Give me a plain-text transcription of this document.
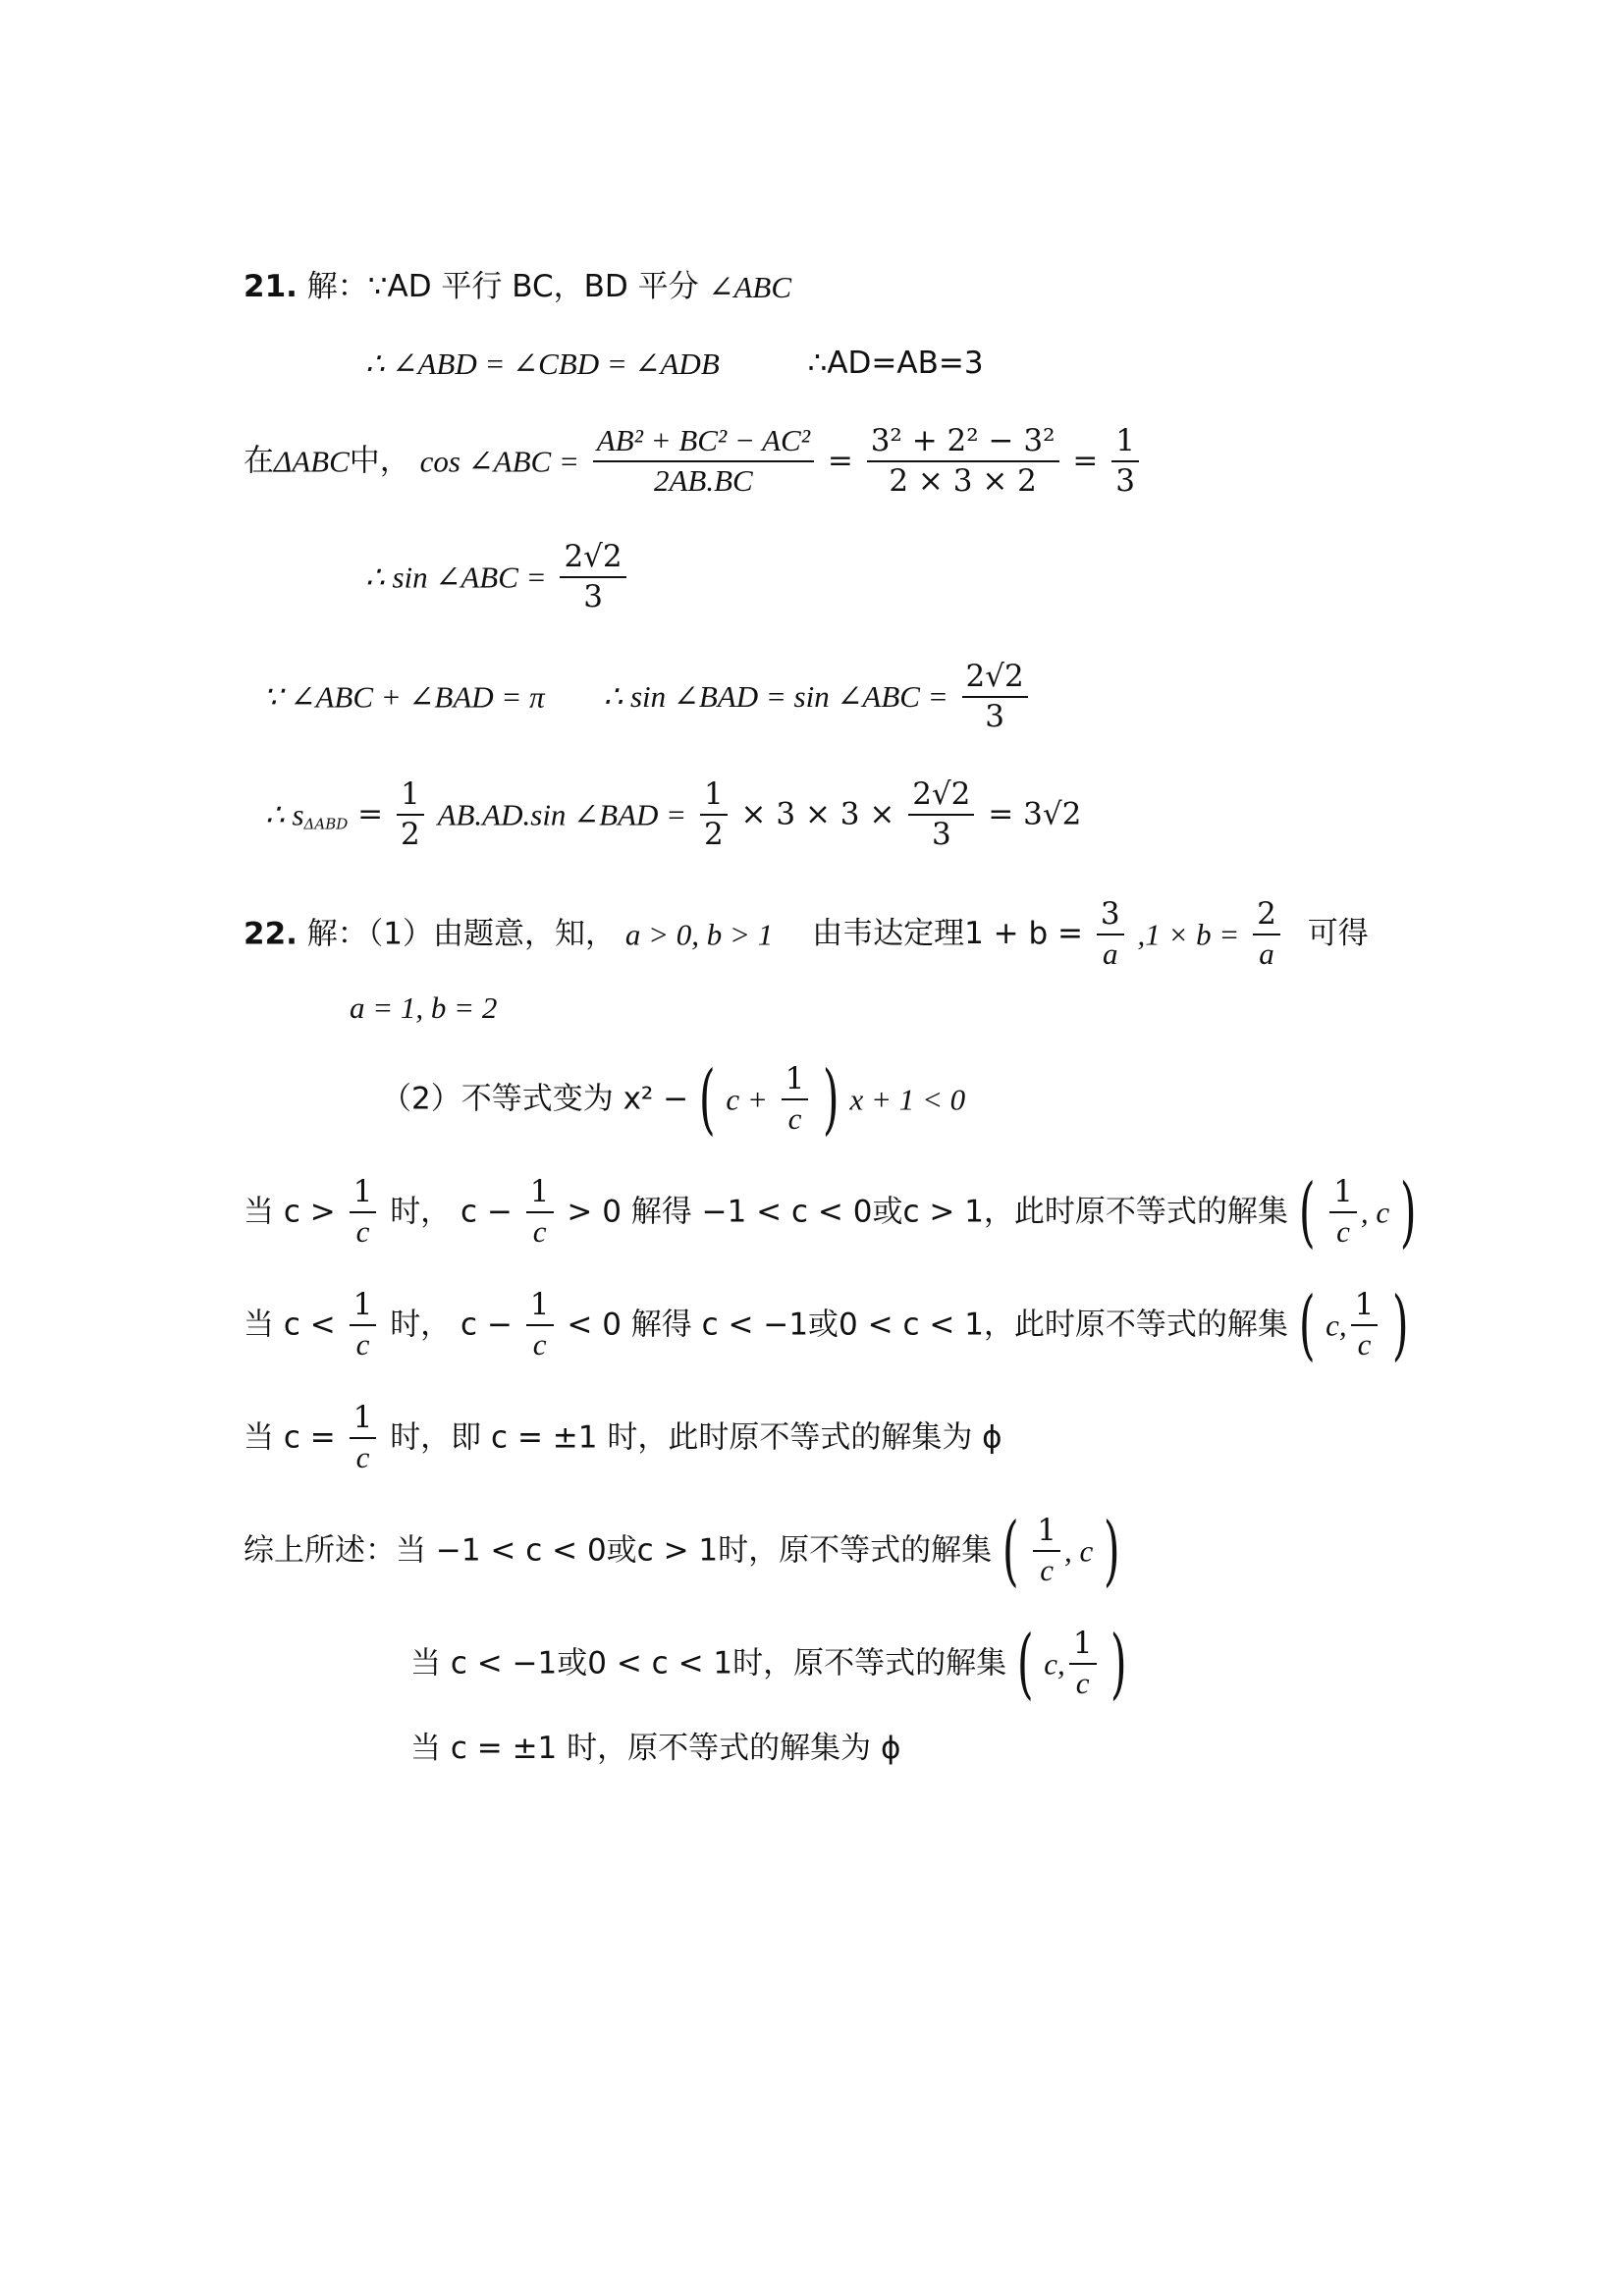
21. 解：∵AD 平行 BC，BD 平分 ∠ABC
∴ ∠ABD = ∠CBD = ∠ADB	∴AD=AB=3
在ΔABC中， cos ∠ABC = $\frac{\text{AB² + BC² − AC²}}{2AB.BC} = \frac{\text{3² + 2² − 3²}}{2 \times 3 \times 2} = \frac{1}{3}$
∴ sin ∠ABC = $\frac{2√2}{3}$
∵ ∠ABC + ∠BAD = π ∴ sin ∠BAD = sin ∠ABC = $\frac{2√2}{3}$
∴ $s_{\Delta ABD} = \frac{1}{2} AB.AD.\sin$ ∠BAD = $\frac{1}{2} \times 3 \times 3 \times \frac{2√2}{3} = 3√2$
22. 解：（1）由题意，知， a > 0, b > 1 由韦达定理$1 + b = \frac{3}{a} ,1 \times b = \frac{2}{a}$ 可得
a = 1, b = 2
（2）不等式变为 x² − ( $c + \frac{1}{c}$ ) x + 1 < 0
当 $c > \frac{1}{c}$ 时， $c - \frac{1}{c} > 0$ 解得 −1 < c < 0或c > 1，此时原不等式的解集 ( $\frac{1}{c}$ , c )
当 $c < \frac{1}{c}$ 时， $c - \frac{1}{c} < 0$ 解得 c < −1或0 < c < 1，此时原不等式的解集 ( c, $\frac{1}{c}$ )
当 $c = \frac{1}{c}$ 时，即 c = ±1 时，此时原不等式的解集为 ϕ
综上所述：当 −1 < c < 0或c > 1时，原不等式的解集 ( $\frac{1}{c}$ , c )
当 c < −1或0 < c < 1时，原不等式的解集 ( c, $\frac{1}{c}$ )
当 c = ±1 时，原不等式的解集为 ϕ
